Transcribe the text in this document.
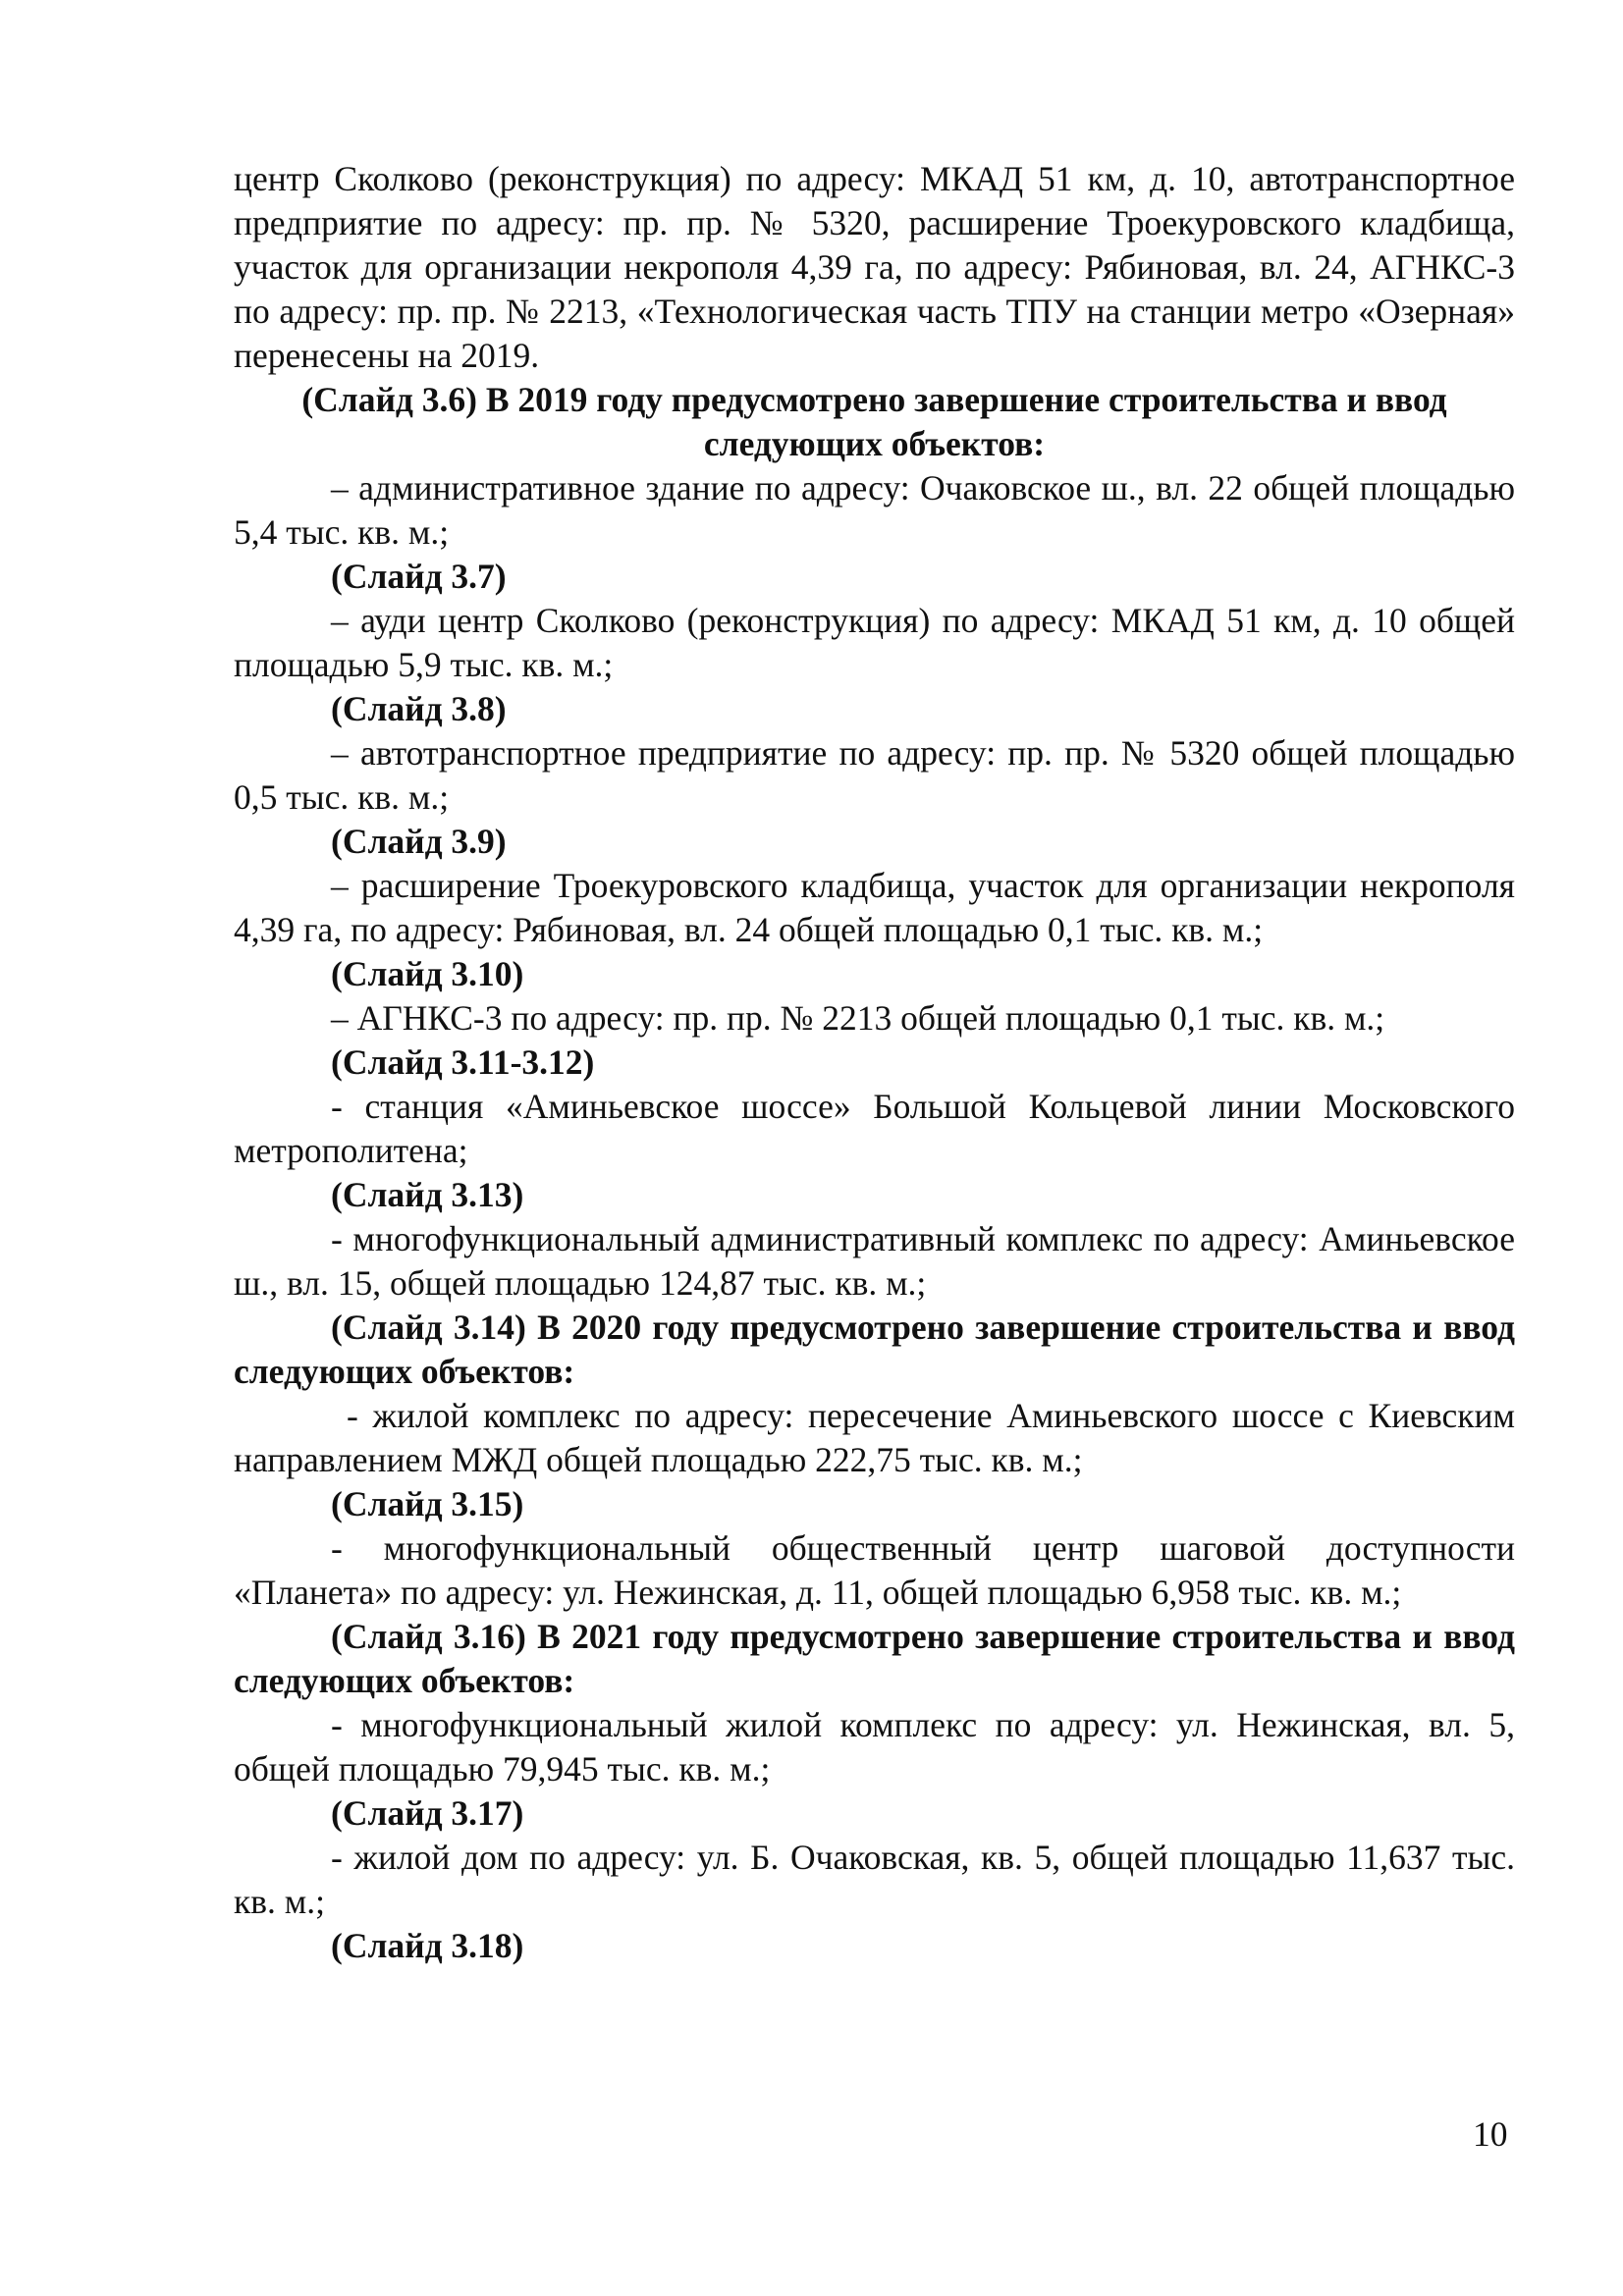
центр Сколково (реконструкция) по адресу: МКАД 51 км, д. 10, автотранспортное предприятие по адресу: пр. пр. № 5320, расширение Троекуровского кладбища, участок для организации некрополя 4,39 га, по адресу: Рябиновая, вл. 24, АГНКС-3 по адресу: пр. пр. № 2213, «Технологическая часть ТПУ на станции метро «Озерная» перенесены на 2019.

(Слайд 3.6) В 2019 году предусмотрено завершение строительства и ввод следующих объектов:

– административное здание по адресу: Очаковское ш., вл. 22 общей площадью 5,4 тыс. кв. м.;

(Слайд 3.7)

– ауди центр Сколково (реконструкция) по адресу: МКАД 51 км, д. 10 общей площадью 5,9 тыс. кв. м.;

(Слайд 3.8)

– автотранспортное предприятие по адресу: пр. пр. № 5320 общей площадью 0,5 тыс. кв. м.;

(Слайд 3.9)

– расширение Троекуровского кладбища, участок для организации некрополя 4,39 га, по адресу: Рябиновая, вл. 24 общей площадью 0,1 тыс. кв. м.;

(Слайд 3.10)

– АГНКС-3 по адресу: пр. пр. № 2213 общей площадью 0,1 тыс. кв. м.;

(Слайд 3.11-3.12)

- станция «Аминьевское шоссе» Большой Кольцевой линии Московского метрополитена;

(Слайд 3.13)

- многофункциональный административный комплекс по адресу: Аминьевское ш., вл. 15, общей площадью 124,87 тыс. кв. м.;

(Слайд 3.14) В 2020 году предусмотрено завершение строительства и ввод следующих объектов:

- жилой комплекс по адресу: пересечение Аминьевского шоссе с Киевским направлением МЖД общей площадью 222,75 тыс. кв. м.;

(Слайд 3.15)

- многофункциональный общественный центр шаговой доступности «Планета» по адресу: ул. Нежинская, д. 11, общей площадью 6,958 тыс. кв. м.;

(Слайд 3.16) В 2021 году предусмотрено завершение строительства и ввод следующих объектов:

- многофункциональный жилой комплекс по адресу: ул. Нежинская, вл. 5, общей площадью 79,945 тыс. кв. м.;

(Слайд 3.17)

- жилой дом по адресу: ул. Б. Очаковская, кв. 5, общей площадью 11,637 тыс. кв. м.;

(Слайд 3.18)

10
